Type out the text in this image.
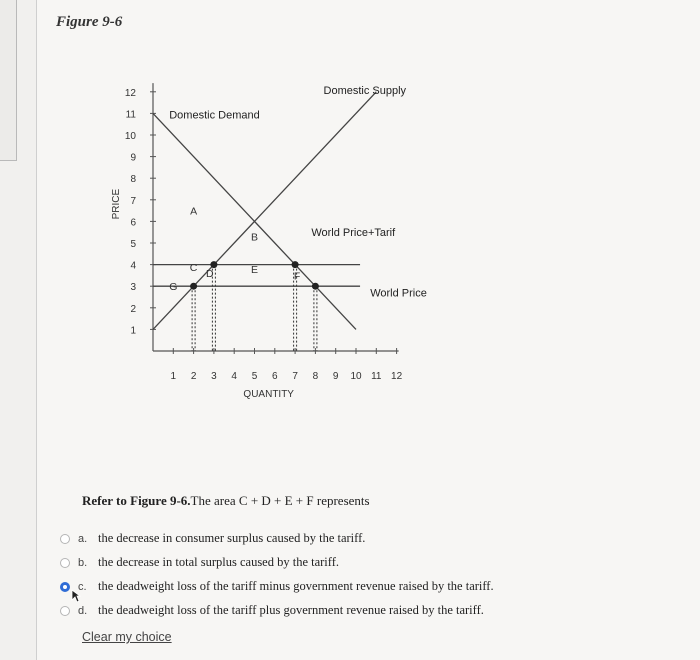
Figure 9-6
1
2
3
4
5
6
7
8
9
10
11
12
1 2 3 4 5 6 7 8 9 10 11 12
PRICE
QUANTITY
Domestic Demand
Domestic Supply
World Price+Tarif
World Price
A
B
C
D	E
F
G
Refer to Figure 9-6.The area C + D + E + F represents
a. the decrease in consumer surplus caused by the tariff.
b. the decrease in total surplus caused by the tariff.
c. the deadweight loss of the tariff minus government revenue raised by the tariff.
d. the deadweight loss of the tariff plus government revenue raised by the tariff.
Clear my choice
